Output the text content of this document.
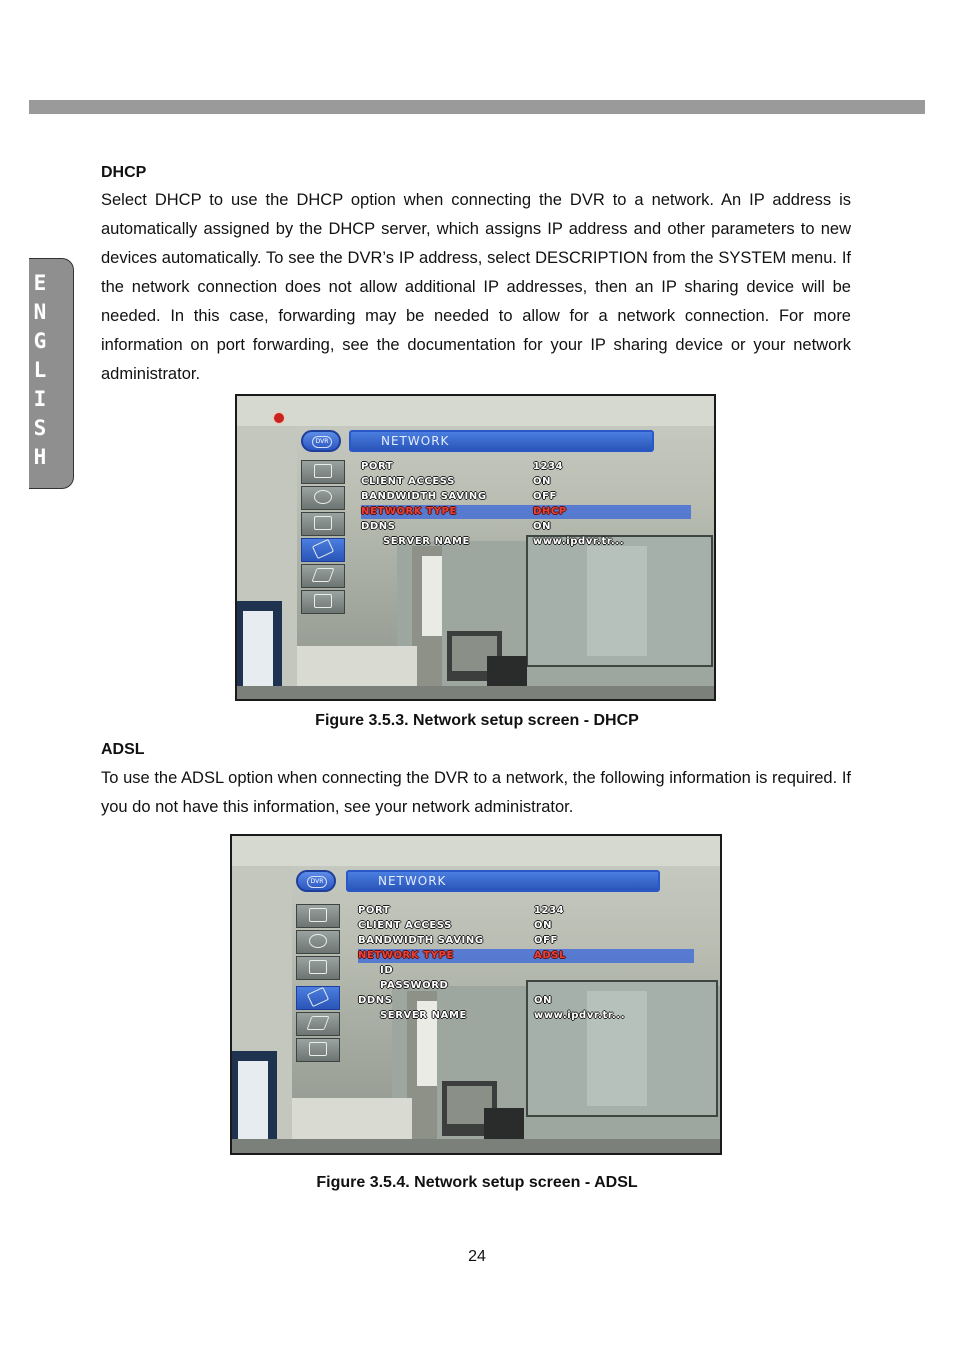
E
N
G
L
I
S
H
DHCP

Select DHCP to use the DHCP option when connecting the DVR to a network. An IP address is automatically assigned by the DHCP server, which assigns IP address and other parameters to new devices automatically. To see the DVR’s IP address, select DESCRIPTION from the SYSTEM menu. If the network connection does not allow additional IP addresses, then an IP sharing device will be needed. In this case, forwarding may be needed to allow for a network connection. For more information on port forwarding, see the documentation for your IP sharing device or your network administrator.

DVR	NETWORK
PORT	1234
CLIENT ACCESS	ON
BANDWIDTH SAVING	OFF
NETWORK TYPE	DHCP
DDNS	ON
SERVER NAME	www.ipdvr.tr...
Figure 3.5.3. Network setup screen - DHCP
ADSL

To use the ADSL option when connecting the DVR to a network, the following information is required. If you do not have this information, see your network administrator.

DVR	NETWORK
PORT	1234
CLIENT ACCESS	ON
BANDWIDTH SAVING	OFF
NETWORK TYPE	ADSL
ID
PASSWORD
DDNS	ON
SERVER NAME	www.ipdvr.tr...
Figure 3.5.4. Network setup screen - ADSL
24
